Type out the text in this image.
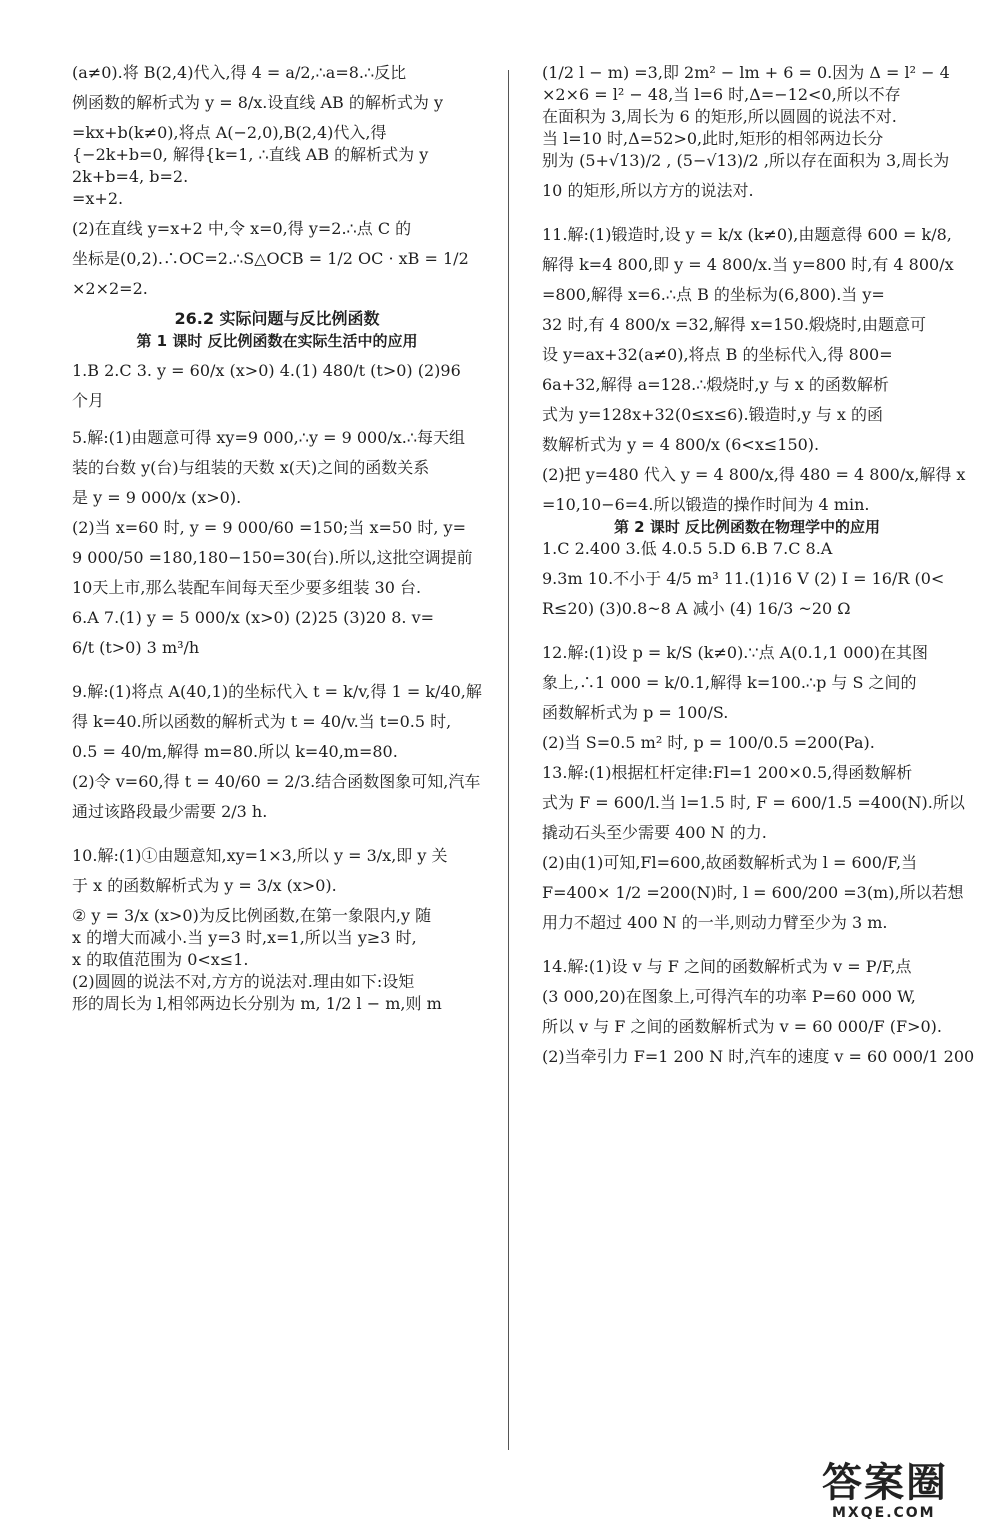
(a≠0).将 B(2,4)代入,得 4 = a/2,∴a=8.∴反比
例函数的解析式为 y = 8/x.设直线 AB 的解析式为 y
=kx+b(k≠0),将点 A(−2,0),B(2,4)代入,得
{−2k+b=0, 解得{k=1, ∴直线 AB 的解析式为 y
2k+b=4, b=2.
=x+2.
(2)在直线 y=x+2 中,令 x=0,得 y=2.∴点 C 的
坐标是(0,2).∴OC=2.∴S△OCB = 1/2 OC · xB = 1/2
×2×2=2.
26.2 实际问题与反比例函数
第 1 课时 反比例函数在实际生活中的应用
1.B 2.C 3. y = 60/x (x>0) 4.(1) 480/t (t>0) (2)96
个月
5.解:(1)由题意可得 xy=9 000,∴y = 9 000/x.∴每天组
装的台数 y(台)与组装的天数 x(天)之间的函数关系
是 y = 9 000/x (x>0).
(2)当 x=60 时, y = 9 000/60 =150;当 x=50 时, y=
9 000/50 =180,180−150=30(台).所以,这批空调提前
10天上市,那么装配车间每天至少要多组装 30 台.
6.A 7.(1) y = 5 000/x (x>0) (2)25 (3)20 8. v=
6/t (t>0) 3 m³/h
9.解:(1)将点 A(40,1)的坐标代入 t = k/v,得 1 = k/40,解
得 k=40.所以函数的解析式为 t = 40/v.当 t=0.5 时,
0.5 = 40/m,解得 m=80.所以 k=40,m=80.
(2)令 v=60,得 t = 40/60 = 2/3.结合函数图象可知,汽车
通过该路段最少需要 2/3 h.
10.解:(1)①由题意知,xy=1×3,所以 y = 3/x,即 y 关
于 x 的函数解析式为 y = 3/x (x>0).
② y = 3/x (x>0)为反比例函数,在第一象限内,y 随
x 的增大而减小.当 y=3 时,x=1,所以当 y≥3 时,
x 的取值范围为 0<x≤1.
(2)圆圆的说法不对,方方的说法对.理由如下:设矩
形的周长为 l,相邻两边长分别为 m, 1/2 l − m,则 m
(1/2 l − m) =3,即 2m² − lm + 6 = 0.因为 Δ = l² − 4
×2×6 = l² − 48,当 l=6 时,Δ=−12<0,所以不存
在面积为 3,周长为 6 的矩形,所以圆圆的说法不对.
当 l=10 时,Δ=52>0,此时,矩形的相邻两边长分
别为 (5+√13)/2 , (5−√13)/2 ,所以存在面积为 3,周长为
10 的矩形,所以方方的说法对.
11.解:(1)锻造时,设 y = k/x (k≠0),由题意得 600 = k/8,
解得 k=4 800,即 y = 4 800/x.当 y=800 时,有 4 800/x
=800,解得 x=6.∴点 B 的坐标为(6,800).当 y=
32 时,有 4 800/x =32,解得 x=150.煅烧时,由题意可
设 y=ax+32(a≠0),将点 B 的坐标代入,得 800=
6a+32,解得 a=128.∴煅烧时,y 与 x 的函数解析
式为 y=128x+32(0≤x≤6).锻造时,y 与 x 的函
数解析式为 y = 4 800/x (6<x≤150).
(2)把 y=480 代入 y = 4 800/x,得 480 = 4 800/x,解得 x
=10,10−6=4.所以锻造的操作时间为 4 min.
第 2 课时 反比例函数在物理学中的应用
1.C 2.400 3.低 4.0.5 5.D 6.B 7.C 8.A
9.3m 10.不小于 4/5 m³ 11.(1)16 V (2) I = 16/R (0<
R≤20) (3)0.8~8 A 减小 (4) 16/3 ~20 Ω
12.解:(1)设 p = k/S (k≠0).∵点 A(0.1,1 000)在其图
象上,∴1 000 = k/0.1,解得 k=100.∴p 与 S 之间的
函数解析式为 p = 100/S.
(2)当 S=0.5 m² 时, p = 100/0.5 =200(Pa).
13.解:(1)根据杠杆定律:Fl=1 200×0.5,得函数解析
式为 F = 600/l.当 l=1.5 时, F = 600/1.5 =400(N).所以
撬动石头至少需要 400 N 的力.
(2)由(1)可知,Fl=600,故函数解析式为 l = 600/F,当
F=400× 1/2 =200(N)时, l = 600/200 =3(m),所以若想
用力不超过 400 N 的一半,则动力臂至少为 3 m.
14.解:(1)设 v 与 F 之间的函数解析式为 v = P/F,点
(3 000,20)在图象上,可得汽车的功率 P=60 000 W,
所以 v 与 F 之间的函数解析式为 v = 60 000/F (F>0).
(2)当牵引力 F=1 200 N 时,汽车的速度 v = 60 000/1 200
答案圈
MXQE.COM
